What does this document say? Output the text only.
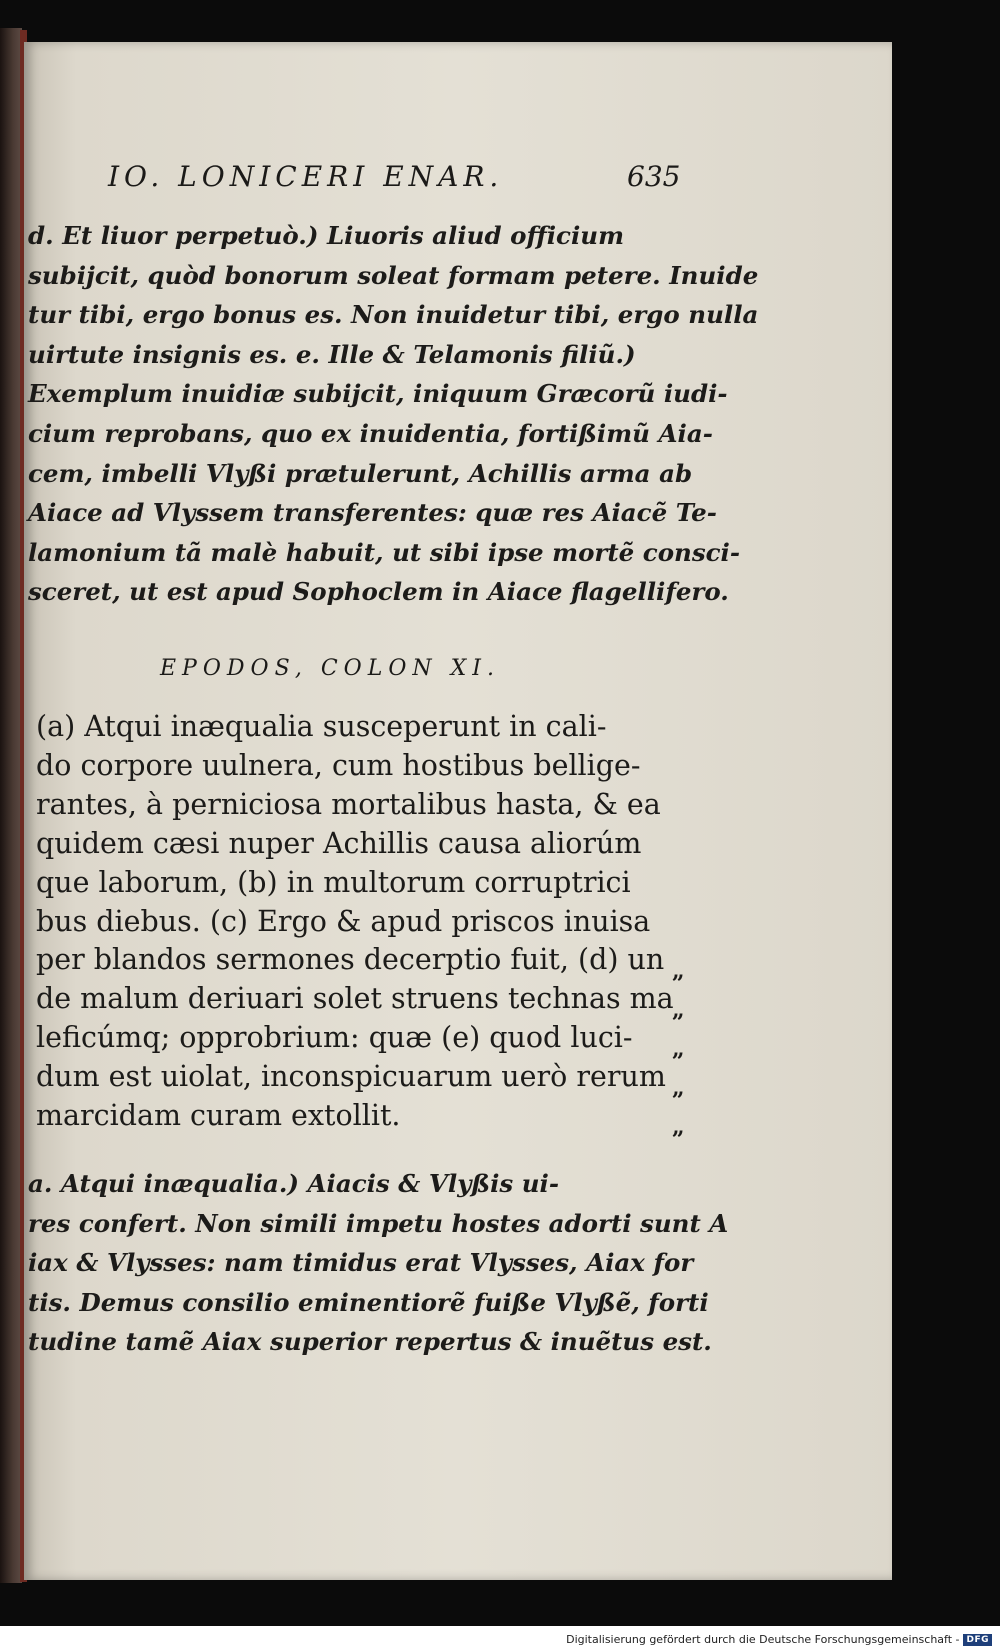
IO. LONICERI ENAR.	635
d. Et liuor perpetuò.) Liuoris aliud officium
subijcit, quòd bonorum soleat formam petere. Inuide
tur tibi, ergo bonus es. Non inuidetur tibi, ergo nulla
uirtute insignis es. e. Ille & Telamonis filiũ.)
Exemplum inuidiæ subijcit, iniquum Græcorũ iudi-
cium reprobans, quo ex inuidentia, fortißimũ Aia-
cem, imbelli Vlyßi prætulerunt, Achillis arma ab
Aiace ad Vlyssem transferentes: quæ res Aiacẽ Te-
lamonium tã malè habuit, ut sibi ipse mortẽ consci-
sceret, ut est apud Sophoclem in Aiace flagellifero.
EPODOS, COLON XI.
(a) Atqui inæqualia susceperunt in cali-
do corpore uulnera, cum hostibus bellige-
rantes, à perniciosa mortalibus hasta, & ea
quidem cæsi nuper Achillis causa aliorúm
que laborum, (b) in multorum corruptrici
bus diebus. (c) Ergo & apud priscos inuisa
per blandos sermones decerptio fuit, (d) un
de malum deriuari solet struens technas ma
leficúmq; opprobrium: quæ (e) quod luci-
dum est uiolat, inconspicuarum uerò rerum
marcidam curam extollit.
„
„
„
„
„
a. Atqui inæqualia.) Aiacis & Vlyßis ui-
res confert. Non simili impetu hostes adorti sunt A
iax & Vlysses: nam timidus erat Vlysses, Aiax for
tis. Demus consilio eminentiorẽ fuiße Vlyßẽ, forti
tudine tamẽ Aiax superior repertus & inuẽtus est.
Digitalisierung gefördert durch die Deutsche Forschungsgemeinschaft - DFG
